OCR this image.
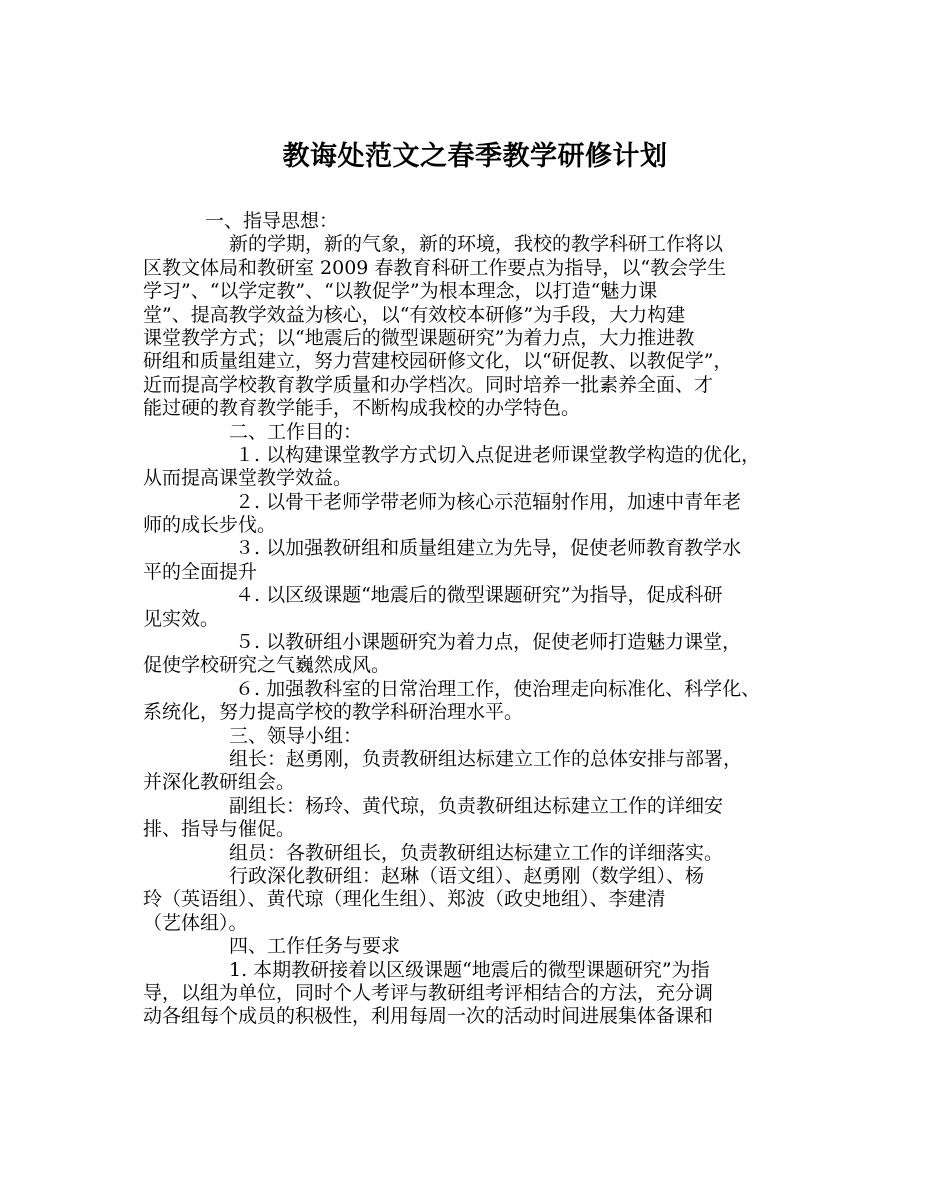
教诲处范文之春季教学研修计划
一、指导思想：
新的学期，新的气象，新的环境，我校的教学科研工作将以
区教文体局和教研室 2009 春教育科研工作要点为指导，以“教会学生
学习”、“以学定教”、“以教促学”为根本理念，以打造“魅力课
堂”、提高教学效益为核心，以“有效校本研修”为手段，大力构建
课堂教学方式；以“地震后的微型课题研究”为着力点，大力推进教
研组和质量组建立，努力营建校园研修文化，以“研促教、以教促学”，
近而提高学校教育教学质量和办学档次。同时培养一批素养全面、才
能过硬的教育教学能手，不断构成我校的办学特色。
二、工作目的：
１. 以构建课堂教学方式切入点促进老师课堂教学构造的优化，
从而提高课堂教学效益。
２. 以骨干老师学带老师为核心示范辐射作用，加速中青年老
师的成长步伐。
３. 以加强教研组和质量组建立为先导，促使老师教育教学水
平的全面提升
４. 以区级课题“地震后的微型课题研究”为指导，促成科研
见实效。
５. 以教研组小课题研究为着力点，促使老师打造魅力课堂，
促使学校研究之气巍然成风。
６. 加强教科室的日常治理工作，使治理走向标准化、科学化、
系统化，努力提高学校的教学科研治理水平。
三、领导小组：
组长：赵勇刚，负责教研组达标建立工作的总体安排与部署，
并深化教研组会。
副组长：杨玲、黄代琼，负责教研组达标建立工作的详细安
排、指导与催促。
组员：各教研组长，负责教研组达标建立工作的详细落实。
行政深化教研组：赵琳（语文组）、赵勇刚（数学组）、杨
玲（英语组）、黄代琼（理化生组）、郑波（政史地组）、李建清
（艺体组）。
四、工作任务与要求
1. 本期教研接着以区级课题“地震后的微型课题研究”为指
导，以组为单位，同时个人考评与教研组考评相结合的方法，充分调
动各组每个成员的积极性，利用每周一次的活动时间进展集体备课和
